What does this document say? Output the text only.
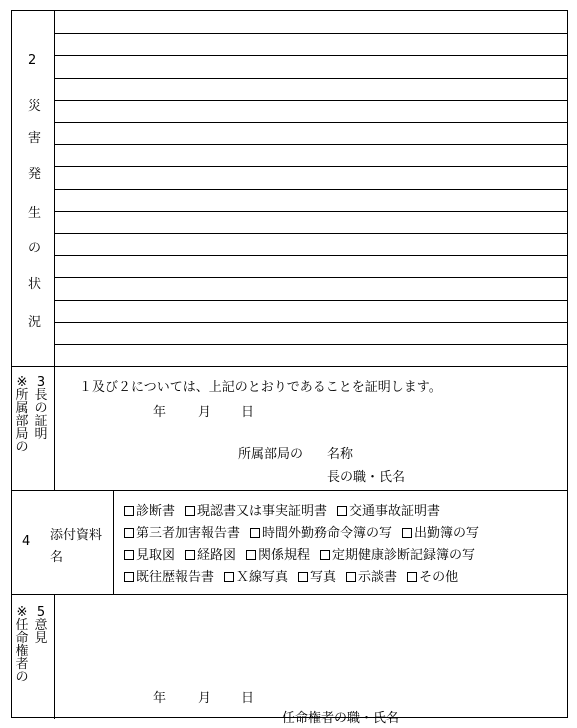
2
災
害
発
生
の
状
況
※
所
属
部
局
の
3
長
の
証
明
１及び２については、上記のとおりであることを証明します。
年 月 日
所属部局の 名称
長の職・氏名
4 添付資料
名
診断書 現認書又は事実証明書 交通事故証明書
第三者加害報告書 時間外勤務命令簿の写 出勤簿の写
見取図 経路図 関係規程 定期健康診断記録簿の写
既往歴報告書 Ｘ線写真 写真 示談書 その他
※
任
命
権
者
の
5
意
見
年 月 日
任命権者の職・氏名
